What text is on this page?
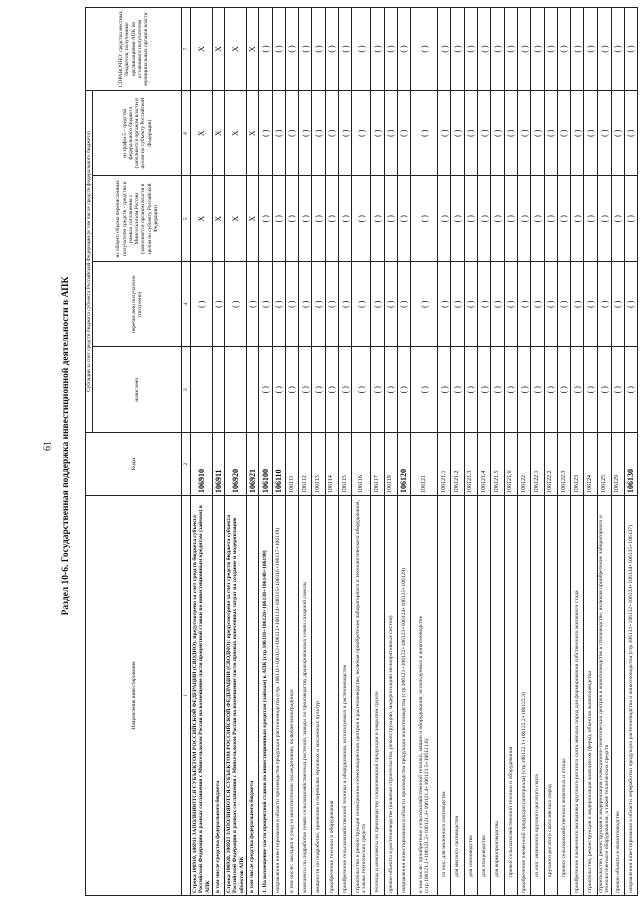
61 Раздел 10-6. Государственная поддержка инвестиционной деятельности в АПК
Направления инвестирования	Коды	Субсидии за счет средств бюджета субъекта Российской Федерации (в том числе средств федерального бюджета)				СПРАВОЧНО: средства местных бюджетов, полученные организациями АПК по оставшимся получателям муниципальных органов власти
		начислено	перечислено получателю (получено)	из общего объема перечисленных получателю средств - средства в рамках соглашения с Минсельхозом России (заполняется органом власти в целом по субъекту Российской Федерации)	из графы 5 - средства федерального бюджета (заполняется органом власти в целом по субъекту Российской Федерации)	
1	2	3	4	5	6	7
Строка 106910, 106911 ЗАПОЛНЯЮТСЯ СУБЪЕКТОМ РОССИЙСКОЙ ФЕДЕРАЦИИ (СВОДНО): предусмотрено за счет средств бюджета субъекта Российской Федерации в рамках соглашения с Минсельхозом России на возмещение части процентной ставки по инвестиционным кредитам (займам) в АПК	106910		( )	X	X	X
в том числе средства федерального бюджета	106911		( )	X	X	X
Строка 106920, 106921 ЗАПОЛНЯЮТСЯ СУБЪЕКТОМ РОССИЙСКОЙ ФЕДЕРАЦИИ (СВОДНО): предусмотрено за счет средств бюджета субъекта Российской Федерации в рамках соглашения с Минсельхозом России на возмещение части прямых понесенных затрат на создание и модернизацию объектов АПК	106920		( )	X	X	X
в том числе средства федерального бюджета	106921		( )	X	X	X
1. На возмещение части процентной ставки по инвестиционным кредитам (займам) в АПК (стр.106110+106120+106130+106140+106190)	106100	( )	( )	( )	( )	( )
направления инвестирования в области производства продукции растениеводства (стр. 106111+106112+106113+106114+106115+106116+106117+106119)	106110	( )	( )	( )	( )	( )
в том числе: закладка и уход за многолетними насаждениями, включая виноградники	106111	( )	( )	( )	( )	( )
комплексы по подработке семян сельскохозяйственных растений, заводы по производству дражированных семян сахарной свеклы	106112	( )	( )	( )	( )	( )
мощности по подработке, хранению и перевалке зерновых и масличных культур	106113	( )	( )	( )	( )	( )
приобретение техники и оборудования	106114	( )	( )	( )	( )	( )
приобретение сельскохозяйственной техники и оборудования, используемых в растениеводстве	106115	( )	( )	( )	( )	( )
строительство и реконструкция селекционно-семеноводческих центров в растениеводстве, включая приобретение лабораторного и технологического оборудования, а также технических средств	106116	( )	( )	( )	( )	( )
теплицы и комплексы по производству плодоовощной продукции в закрытом грунте	106117	( )	( )	( )	( )	( )
прочие объекты в растениеводстве (включая строительство, реконструкцию, модернизацию мелиоративных систем)	106119	( )	( )	( )	( )	( )
направления инвестирования в области производства продукции животноводства (стр.106121+106122+106123+106124+106125+106129)	106120	( )	( )	( )	( )	( )
в том числе: приобретение сельскохозяйственной техники, машин и оборудования, используемых в животноводстве (стр.106121.1+106121.2+106121.3+106121.4+106121.5+106121.6)	106121	( )	( )	( )	( )	( )
из них: для молочного скотоводства	106121.1	( )	( )	( )	( )	( )
для мясного скотоводства	106121.2	( )	( )	( )	( )	( )
для свиноводства	106121.3	( )	( )	( )	( )	( )
для птицеводства	106121.4	( )	( )	( )	( )	( )
для кормопроизводства	106121.5	( )	( )	( )	( )	( )
прочей сельскохозяйственной техники и оборудования	106121.6	( )	( )	( )	( )	( )
приобретение племенной продукции (материала) (стр.106122.1+106122.2+106122.3)	106122	( )	( )	( )	( )	( )
из них: молочного крупного рогатого скота	106122.1	( )	( )	( )	( )	( )
крупного рогатого скота мясных пород	106122.2	( )	( )	( )	( )	( )
прочих сельскохозяйственных животных и птицы	106122.3	( )	( )	( )	( )	( )
приобретение племенного молодняка крупного рогатого скота мясных пород для формирования собственного маточного стада	106123	( )	( )	( )	( )	( )
строительство, реконструкция и модернизация комплексов (ферм), объектов животноводства	106124	( )	( )	( )	( )	( )
строительство, реконструкция и модернизация селекционно-генетических центров в животноводстве и птицеводстве, включая приобретение лабораторного и технологического оборудования, а также технических средств	106125	( )	( )	( )	( )	( )
прочие объекты в животноводстве	106129	( )	( )	( )	( )	( )
направления инвестирования в области переработки продукции растениеводства и животноводства (стр.106131+106132+106133+106134+106135+106137)	106130	( )	( )	( )	( )	( )
